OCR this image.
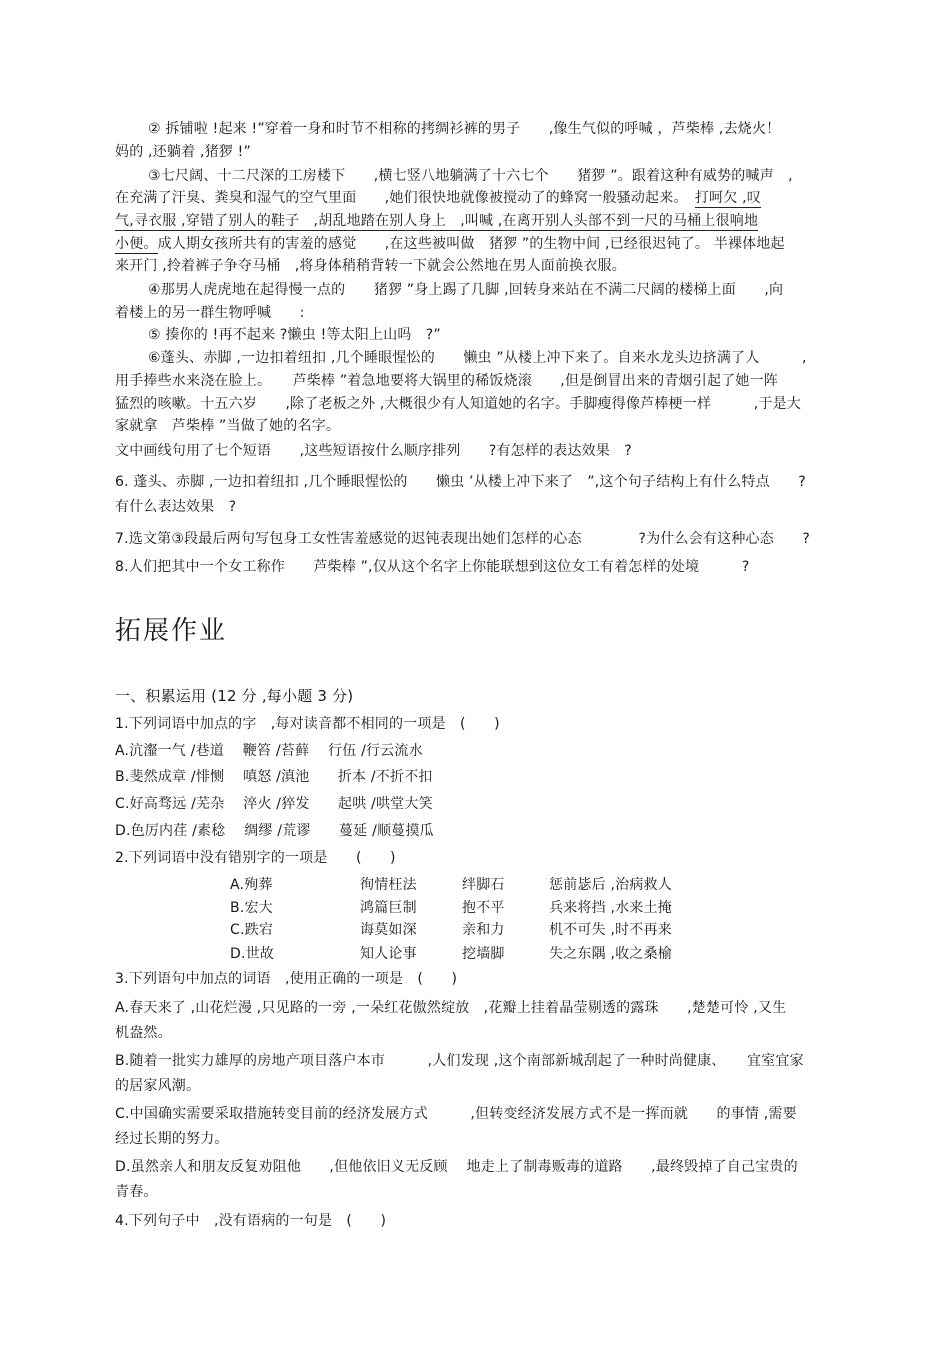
② 拆铺啦 !起来 !”穿着一身和时节不相称的拷绸衫裤的男子　　,像生气似的呼喊 ，芦柴棒 ,去烧火！
妈的 ,还躺着 ,猪猡 !”
③七尺阔、十二尺深的工房楼下　　,横七竖八地躺满了十六七个　　猪猡 ”。跟着这种有威势的喊声　,
在充满了汗臭、粪臭和湿气的空气里面　　,她们很快地就像被搅动了的蜂窝一般骚动起来。　打呵欠 ,叹
气,寻衣服 ,穿错了别人的鞋子　,胡乱地踏在别人身上　,叫喊 ,在离开别人头部不到一尺的马桶上很响地
小便。成人期女孩所共有的害羞的感觉　　,在这些被叫做　猪猡 ”的生物中间 ,已经很迟钝了。 半裸体地起
来开门 ,拎着裤子争夺马桶　,将身体稍稍背转一下就会公然地在男人面前换衣服。
④那男人虎虎地在起得慢一点的　　猪猡 ”身上踢了几脚 ,回转身来站在不满二尺阔的楼梯上面　　,向
着楼上的另一群生物呼喊　　:
⑤ 揍你的 !再不起来 ?懒虫 !等太阳上山吗　?”
⑥蓬头、赤脚 ,一边扣着纽扣 ,几个睡眼惺忪的　　懒虫 ”从楼上冲下来了。自来水龙头边挤满了人　　　,
用手捧些水来浇在脸上。　　芦柴棒 ”着急地要将大锅里的稀饭烧滚　　,但是倒冒出来的青烟引起了她一阵
猛烈的咳嗽。十五六岁　　,除了老板之外 ,大概很少有人知道她的名字。手脚瘦得像芦棒梗一样　　　,于是大
家就拿　芦柴棒 ”当做了她的名字。
文中画线句用了七个短语　　,这些短语按什么顺序排列　　?有怎样的表达效果　?
6. 蓬头、赤脚 ,一边扣着纽扣 ,几个睡眼惺忪的　　懒虫 ’从楼上冲下来了　”,这个句子结构上有什么特点　　?
有什么表达效果　?
7.选文第③段最后两句写包身工女性害羞感觉的迟钝表现出她们怎样的心态　　　　?为什么会有这种心态　　?
8.人们把其中一个女工称作　　芦柴棒 ”,仅从这个名字上你能联想到这位女工有着怎样的处境　　　?
拓展作业
一、积累运用 (12 分 ,每小题 3 分)
1.下列词语中加点的字　,每对读音都不相同的一项是　(　　)
A.沆瀣一气 /巷道　 鞭笞 /苔藓　 行伍 /行云流水
B.斐然成章 /悱恻　 嗔怒 /滇池　　折本 /不折不扣
C.好高骛远 /芜杂　 淬火 /猝发　　起哄 /哄堂大笑
D.色厉内荏 /素稔　 绸缪 /荒谬　　蔓延 /顺蔓摸瓜
2.下列词语中没有错别字的一项是　　(　　)
A.殉葬	徇情枉法	绊脚石	惩前毖后 ,治病救人
B.宏大	鸿篇巨制	抱不平	兵来将挡 ,水来土掩
C.跌宕	诲莫如深	亲和力	机不可失 ,时不再来
D.世故	知人论事	挖墙脚	失之东隅 ,收之桑榆
3.下列语句中加点的词语　,使用正确的一项是　(　　)
A.春天来了 ,山花烂漫 ,只见路的一旁 ,一朵红花傲然绽放　,花瓣上挂着晶莹剔透的露珠　　,楚楚可怜 ,又生
机盎然。
B.随着一批实力雄厚的房地产项目落户本市　　　,人们发现 ,这个南部新城刮起了一种时尚健康、　　宜室宜家
的居家风潮。
C.中国确实需要采取措施转变目前的经济发展方式　　　,但转变经济发展方式不是一挥而就　　的事情 ,需要
经过长期的努力。
D.虽然亲人和朋友反复劝阻他　　,但他依旧义无反顾　 地走上了制毒贩毒的道路　　,最终毁掉了自己宝贵的
青春。
4.下列句子中　,没有语病的一句是　(　　)
